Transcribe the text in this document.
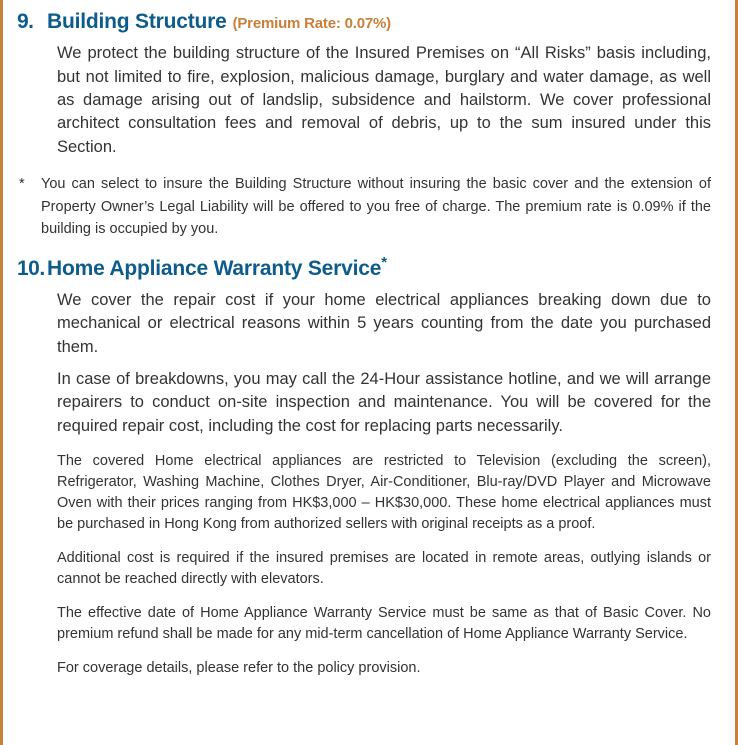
9. Building Structure (Premium Rate: 0.07%)

We protect the building structure of the Insured Premises on “All Risks” basis including, but not limited to fire, explosion, malicious damage, burglary and water damage, as well as damage arising out of landslip, subsidence and hailstorm. We cover professional architect consultation fees and removal of debris, up to the sum insured under this Section.

*	You can select to insure the Building Structure without insuring the basic cover and the extension of Property Owner’s Legal Liability will be offered to you free of charge. The premium rate is 0.09% if the building is occupied by you.
10. Home Appliance Warranty Service*

We cover the repair cost if your home electrical appliances breaking down due to mechanical or electrical reasons within 5 years counting from the date you purchased them.

In case of breakdowns, you may call the 24-Hour assistance hotline, and we will arrange repairers to conduct on-site inspection and maintenance. You will be covered for the required repair cost, including the cost for replacing parts necessarily.

The covered Home electrical appliances are restricted to Television (excluding the screen), Refrigerator, Washing Machine, Clothes Dryer, Air-Conditioner, Blu-ray/DVD Player and Microwave Oven with their prices ranging from HK$3,000 – HK$30,000. These home electrical appliances must be purchased in Hong Kong from authorized sellers with original receipts as a proof.

Additional cost is required if the insured premises are located in remote areas, outlying islands or cannot be reached directly with elevators.

The effective date of Home Appliance Warranty Service must be same as that of Basic Cover. No premium refund shall be made for any mid-term cancellation of Home Appliance Warranty Service.

For coverage details, please refer to the policy provision.
